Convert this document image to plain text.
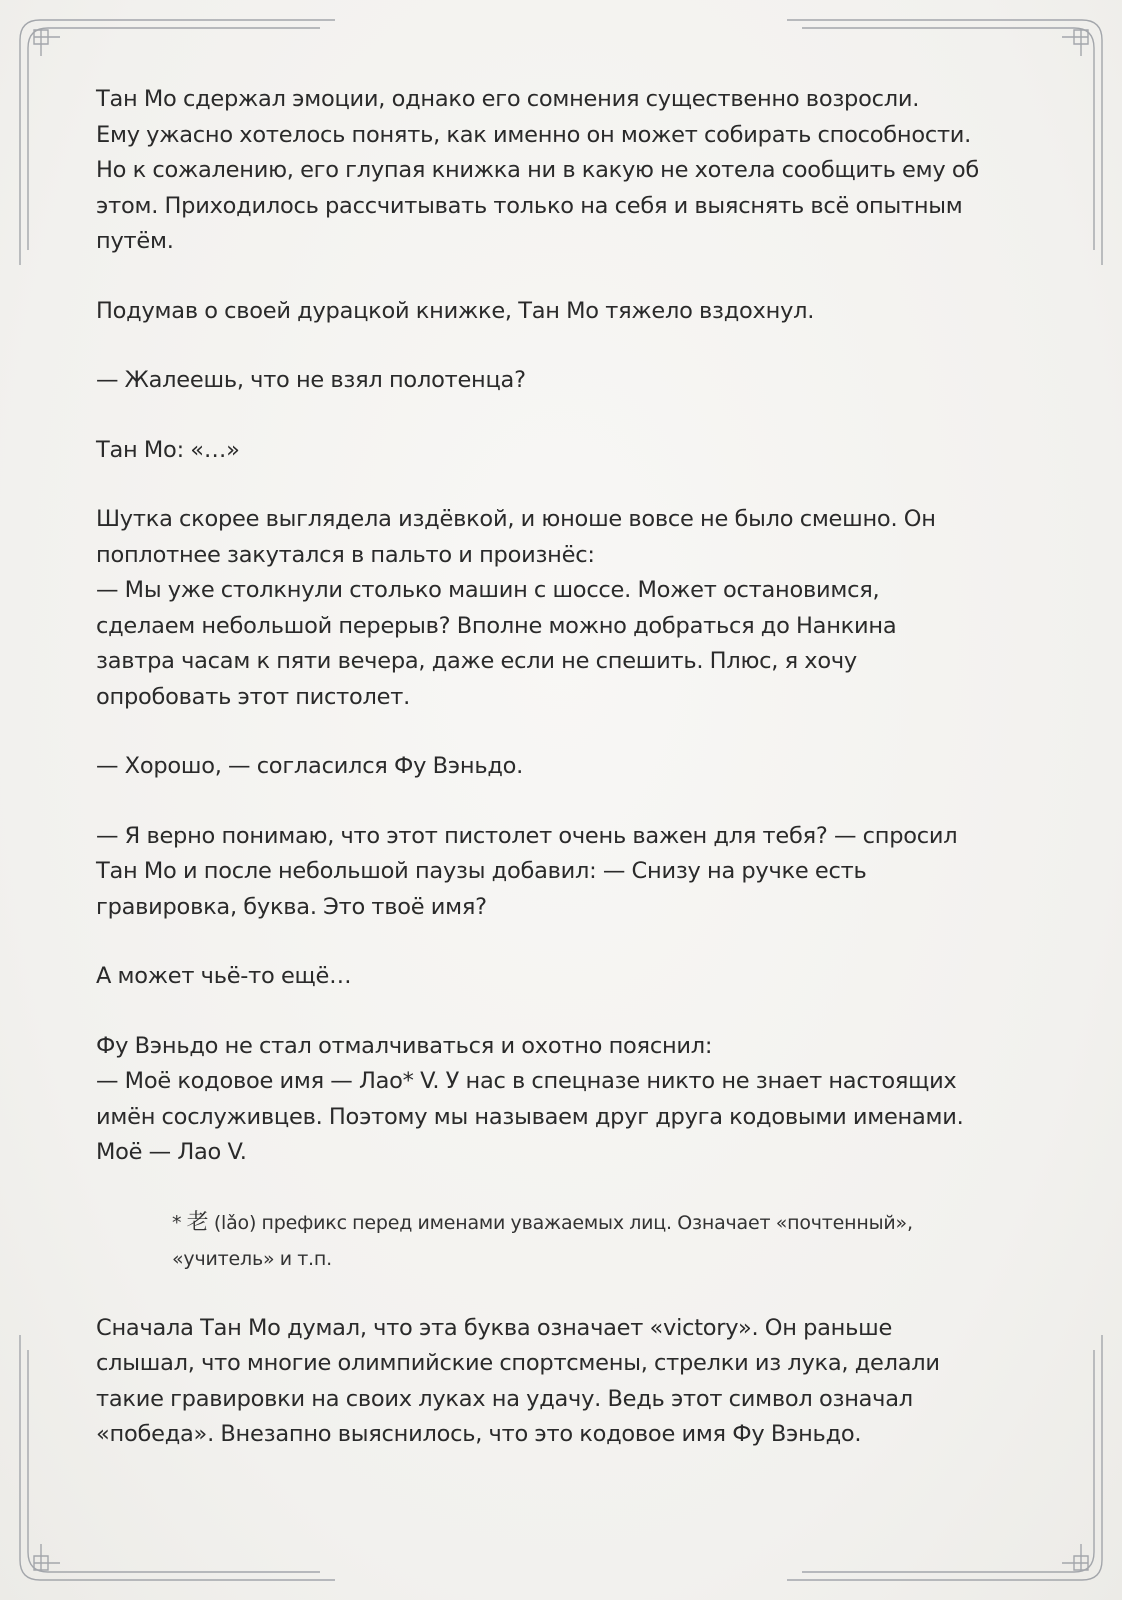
Тан Мо сдержал эмоции, однако его сомнения существенно возросли.
Ему ужасно хотелось понять, как именно он может собирать способности.
Но к сожалению, его глупая книжка ни в какую не хотела сообщить ему об
этом. Приходилось рассчитывать только на себя и выяснять всё опытным
путём.

Подумав о своей дурацкой книжке, Тан Мо тяжело вздохнул.

— Жалеешь, что не взял полотенца?

Тан Мо: «…»

Шутка скорее выглядела издёвкой, и юноше вовсе не было смешно. Он
поплотнее закутался в пальто и произнёс:
— Мы уже столкнули столько машин с шоссе. Может остановимся,
сделаем небольшой перерыв? Вполне можно добраться до Нанкина
завтра часам к пяти вечера, даже если не спешить. Плюс, я хочу
опробовать этот пистолет.

— Хорошо, — согласился Фу Вэньдо.

— Я верно понимаю, что этот пистолет очень важен для тебя? — спросил
Тан Мо и после небольшой паузы добавил: — Снизу на ручке есть
гравировка, буква. Это твоё имя?

А может чьё-то ещё…

Фу Вэньдо не стал отмалчиваться и охотно пояснил:
— Моё кодовое имя — Лао* V. У нас в спецназе никто не знает настоящих
имён сослуживцев. Поэтому мы называем друг друга кодовыми именами.
Моё — Лао V.

* 老 (lǎo) префикс перед именами уважаемых лиц. Означает «почтенный»,
«учитель» и т.п.

Сначала Тан Мо думал, что эта буква означает «victory». Он раньше
слышал, что многие олимпийские спортсмены, стрелки из лука, делали
такие гравировки на своих луках на удачу. Ведь этот символ означал
«победа». Внезапно выяснилось, что это кодовое имя Фу Вэньдо.
